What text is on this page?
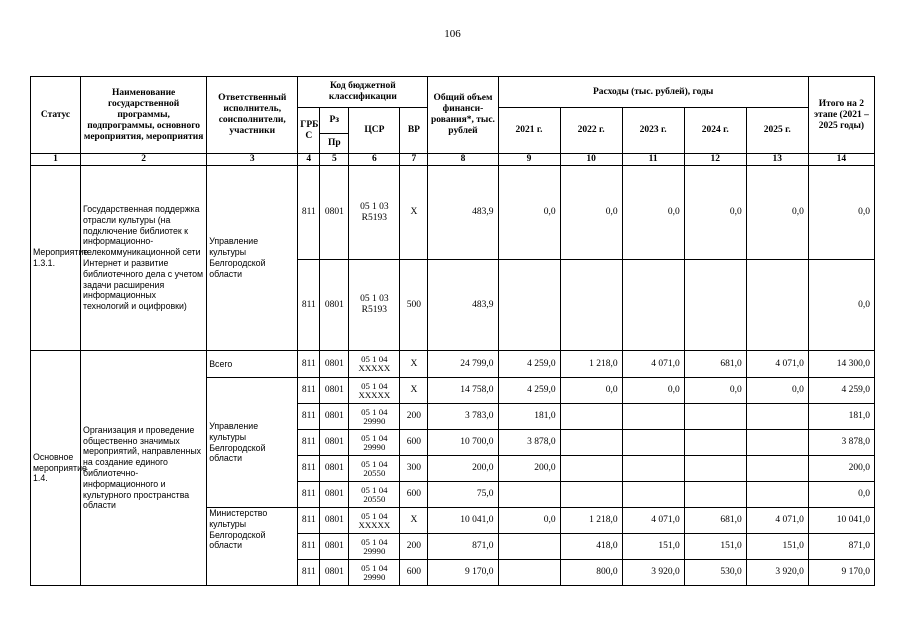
106
Статус	Наименование государственной программы, подпрограммы, основного мероприятия, мероприятия	Ответственный исполнитель, соисполнители, участники	Код бюджетной классификации				Общий объем финанси-рования*, тыс. рублей	Расходы (тыс. рублей), годы					Итого на 2 этапе (2021 – 2025 годы)
			ГРБ С	Рз	ЦСР	ВР		2021 г.	2022 г.	2023 г.	2024 г.	2025 г.	
				Пр									
1	2	3	4	5	6	7	8	9	10	11	12	13	14
Мероприятие 1.3.1.	Государственная поддержка отрасли культуры (на подключение библиотек к информационно-телекоммуникационной сети Интернет и развитие библиотечного дела с учетом задачи расширения информационных технологий и оцифровки)	Управление культуры Белгородской области	811	0801	05 1 03 R5193	X	483,9	0,0	0,0	0,0	0,0	0,0	0,0
			811	0801	05 1 03 R5193	500	483,9						0,0
Основное мероприятие 1.4.	Организация и проведение общественно значимых мероприятий, направленных на создание единого библиотечно-информационного и культурного пространства области	Всего	811	0801	05 1 04 XXXXX	X	24 799,0	4 259,0	1 218,0	4 071,0	681,0	4 071,0	14 300,0
		Управление культуры Белгородской области	811	0801	05 1 04 XXXXX	X	14 758,0	4 259,0	0,0	0,0	0,0	0,0	4 259,0
			811	0801	05 1 04 29990	200	3 783,0	181,0					181,0
			811	0801	05 1 04 29990	600	10 700,0	3 878,0					3 878,0
			811	0801	05 1 04 20550	300	200,0	200,0					200,0
			811	0801	05 1 04 20550	600	75,0						0,0
		Министерство культуры Белгородской области	811	0801	05 1 04 XXXXX	X	10 041,0	0,0	1 218,0	4 071,0	681,0	4 071,0	10 041,0
			811	0801	05 1 04 29990	200	871,0		418,0	151,0	151,0	151,0	871,0
			811	0801	05 1 04 29990	600	9 170,0		800,0	3 920,0	530,0	3 920,0	9 170,0
